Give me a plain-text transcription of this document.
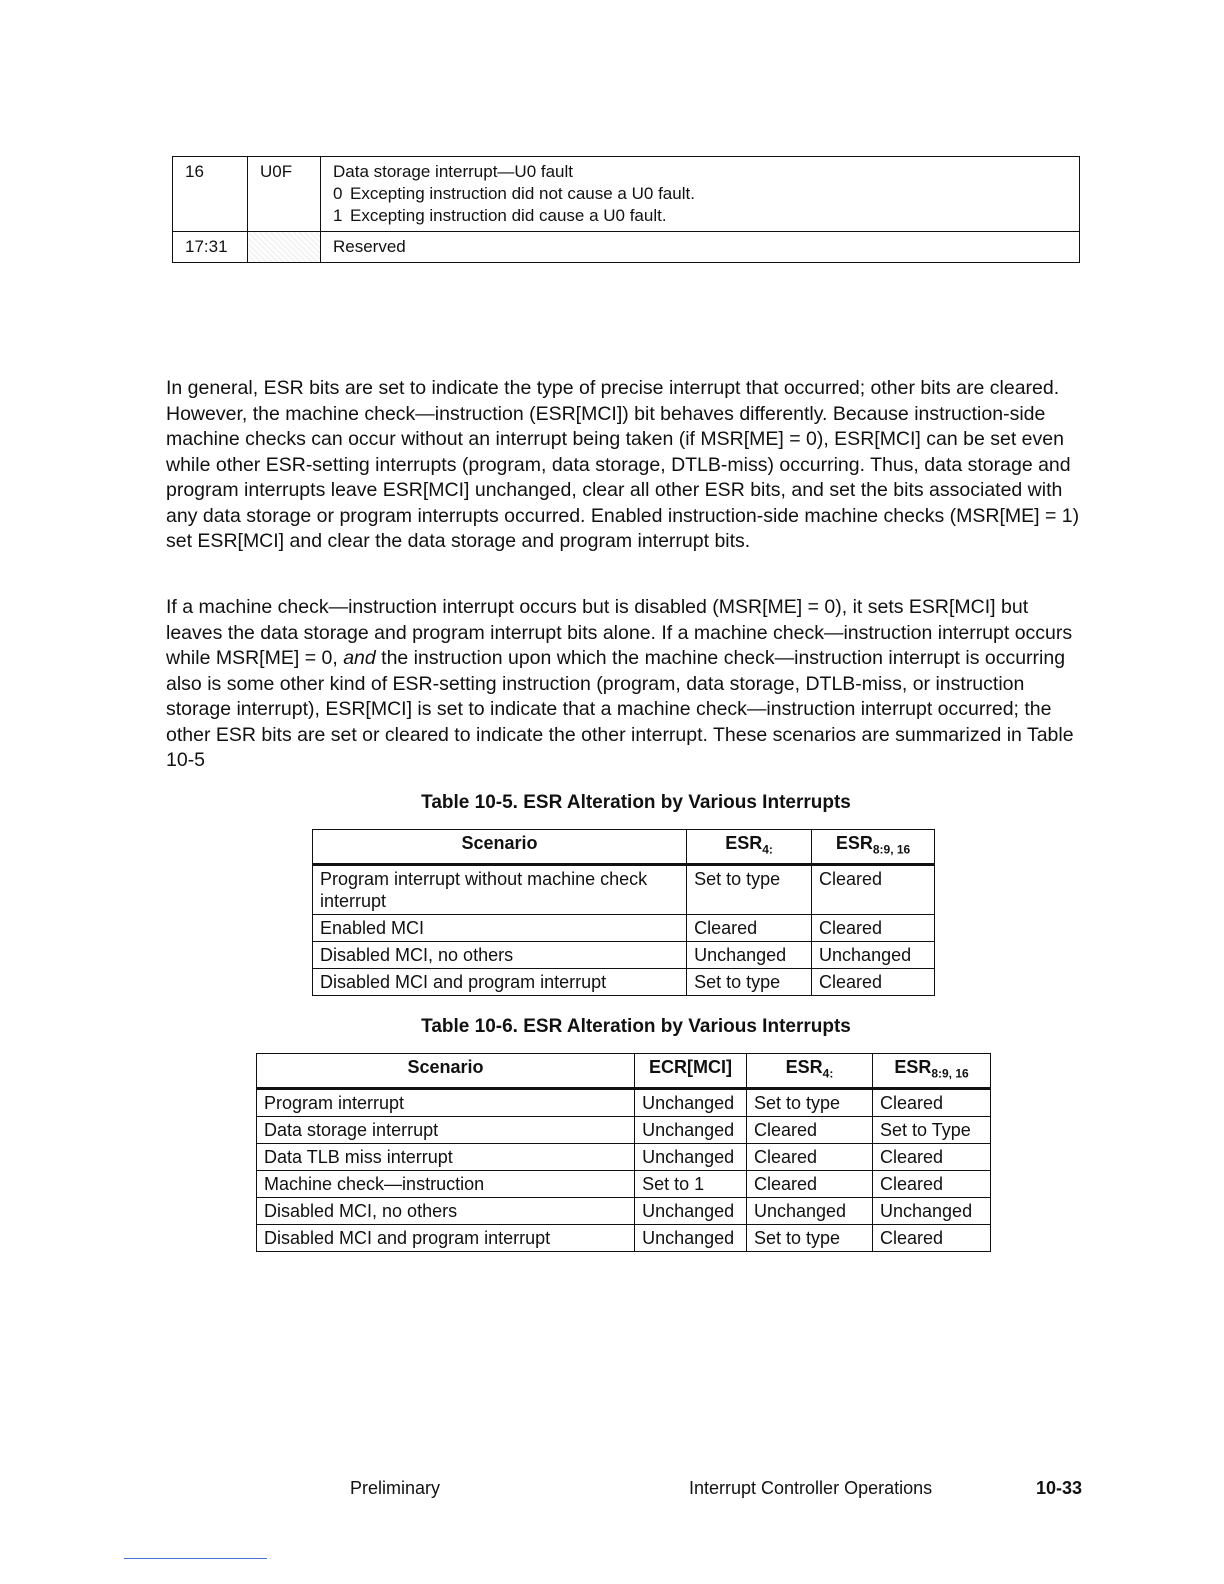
16	U0F	Data storage interrupt—U0 fault
0 Excepting instruction did not cause a U0 fault.
1 Excepting instruction did cause a U0 fault.

17:31		Reserved

In general, ESR bits are set to indicate the type of precise interrupt that occurred; other bits are cleared. However, the machine check—instruction (ESR[MCI]) bit behaves differently. Because instruction-side machine checks can occur without an interrupt being taken (if MSR[ME] = 0), ESR[MCI] can be set even while other ESR-setting interrupts (program, data storage, DTLB-miss) occurring. Thus, data storage and program interrupts leave ESR[MCI] unchanged, clear all other ESR bits, and set the bits associated with any data storage or program interrupts occurred. Enabled instruction-side machine checks (MSR[ME] = 1) set ESR[MCI] and clear the data storage and program interrupt bits.

If a machine check—instruction interrupt occurs but is disabled (MSR[ME] = 0), it sets ESR[MCI] but leaves the data storage and program interrupt bits alone. If a machine check—instruction interrupt occurs while MSR[ME] = 0, and the instruction upon which the machine check—instruction interrupt is occurring also is some other kind of ESR-setting instruction (program, data storage, DTLB-miss, or instruction storage interrupt), ESR[MCI] is set to indicate that a machine check—instruction interrupt occurred; the other ESR bits are set or cleared to indicate the other interrupt. These scenarios are summarized in Table 10-5

Table 10-5. ESR Alteration by Various Interrupts

Scenario	$ESR_{4:}$	$ESR_{8:9, 16}$
Program interrupt without machine check interrupt	Set to type	Cleared
Enabled MCI	Cleared	Cleared
Disabled MCI, no others	Unchanged	Unchanged
Disabled MCI and program interrupt	Set to type	Cleared

Table 10-6. ESR Alteration by Various Interrupts

Scenario	ECR[MCI]	$ESR_{4:}$	$ESR_{8:9, 16}$
Program interrupt	Unchanged	Set to type	Cleared
Data storage interrupt	Unchanged	Cleared	Set to Type
Data TLB miss interrupt	Unchanged	Cleared	Cleared
Machine check—instruction	Set to 1	Cleared	Cleared
Disabled MCI, no others	Unchanged	Unchanged	Unchanged
Disabled MCI and program interrupt	Unchanged	Set to type	Cleared

Preliminary	Interrupt Controller Operations	10-33
